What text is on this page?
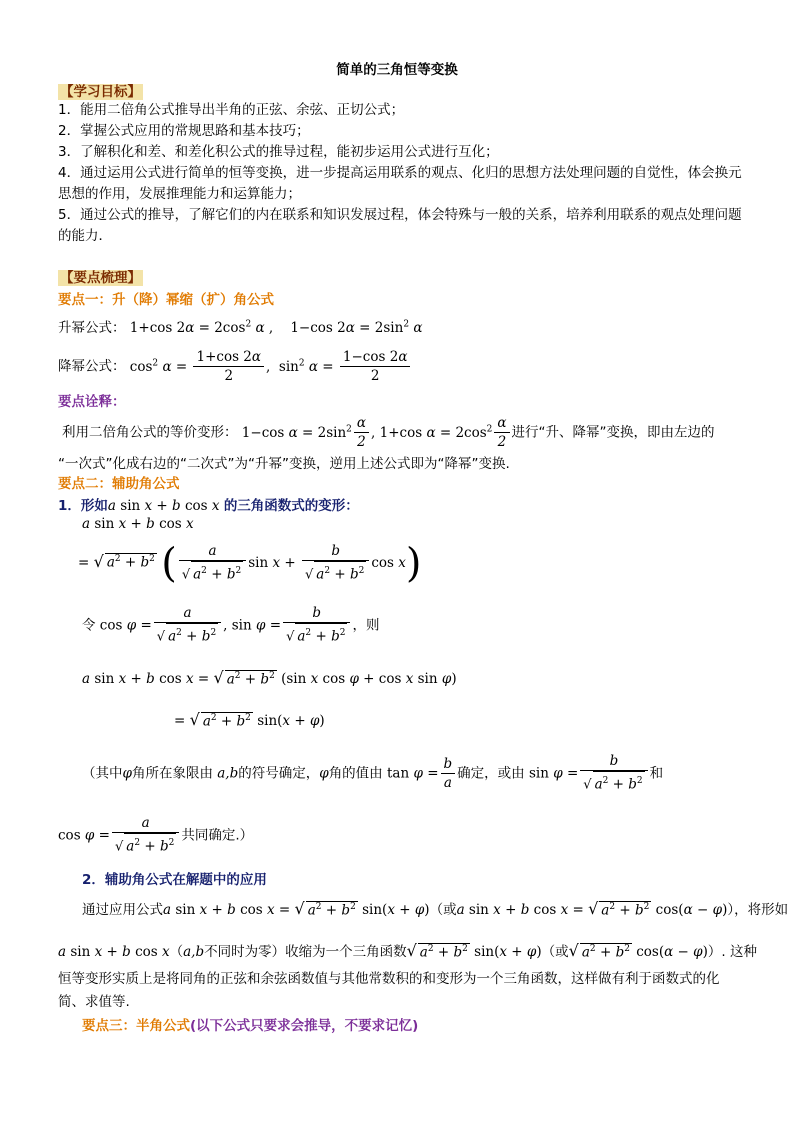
简单的三角恒等变换
【学习目标】
1．能用二倍角公式推导出半角的正弦、余弦、正切公式；
2．掌握公式应用的常规思路和基本技巧；
3．了解积化和差、和差化积公式的推导过程，能初步运用公式进行互化；
4．通过运用公式进行简单的恒等变换，进一步提高运用联系的观点、化归的思想方法处理问题的自觉性，体会换元思想的作用，发展推理能力和运算能力；
5．通过公式的推导，了解它们的内在联系和知识发展过程，体会特殊与一般的关系，培养利用联系的观点处理问题的能力．
【要点梳理】
要点一：升（降）幂缩（扩）角公式
升幂公式： 1+cos $2\alpha = 2\cos^2$ α ,    1−cos $2\alpha = 2\sin^2$ α
降幂公式： $\cos^2 \alpha = \frac{1+\cos 2\alpha}{2}$ ,  $\sin^2 \alpha = \frac{1-\cos 2\alpha}{2}$
要点诠释：
利用二倍角公式的等价变形： 1−cos $\alpha = 2\sin^2 \frac{\alpha}{2}$ , 1+cos $\alpha = 2\cos^2 \frac{\alpha}{2}$ 进行“升、降幂”变换，即由左边的
“一次式”化成右边的“二次式”为“升幂”变换，逆用上述公式即为“降幂”变换.
要点二：辅助角公式
1．形如a sin x + b cos x 的三角函数式的变形：
a sin x + b cos x
= √ $a^2 + b^2$ ( $\frac{a}{√ a^2 + b^2}$ $\sin x + \frac{b}{√ a^2 + b^2}$ cos x)
令 $\cos \varphi = \frac{a}{√ a^2 + b^2}$ , $\sin \varphi = \frac{b}{√ a^2 + b^2}$ ，则
a sin x + b cos x = √ $a^2 + b^2$ (sin x cos φ + cos x sin φ)
= √ $a^2 + b^2$ sin(x + φ)
（其中φ角所在象限由 a,b的符号确定，φ角的值由 $\tan \varphi = \frac{b}{a}$ 确定，或由 $\sin \varphi = \frac{b}{√ a^2 + b^2}$ 和
$\cos \varphi = \frac{a}{√ a^2 + b^2}$ 共同确定.）
2．辅助角公式在解题中的应用
通过应用公式a sin x + b cos x = √ $a^2 + b^2$ sin(x + φ)（或a sin x + b cos x = √ $a^2 + b^2$ cos(α − φ)），将形如
a sin x + b cos x（a,b不同时为零）收缩为一个三角函数√ $a^2 + b^2$ sin(x + φ)（或√ $a^2 + b^2$ cos(α − φ)）. 这种
恒等变形实质上是将同角的正弦和余弦函数值与其他常数积的和变形为一个三角函数，这样做有利于函数式的化简、求值等.
要点三：半角公式(以下公式只要求会推导，不要求记忆)
